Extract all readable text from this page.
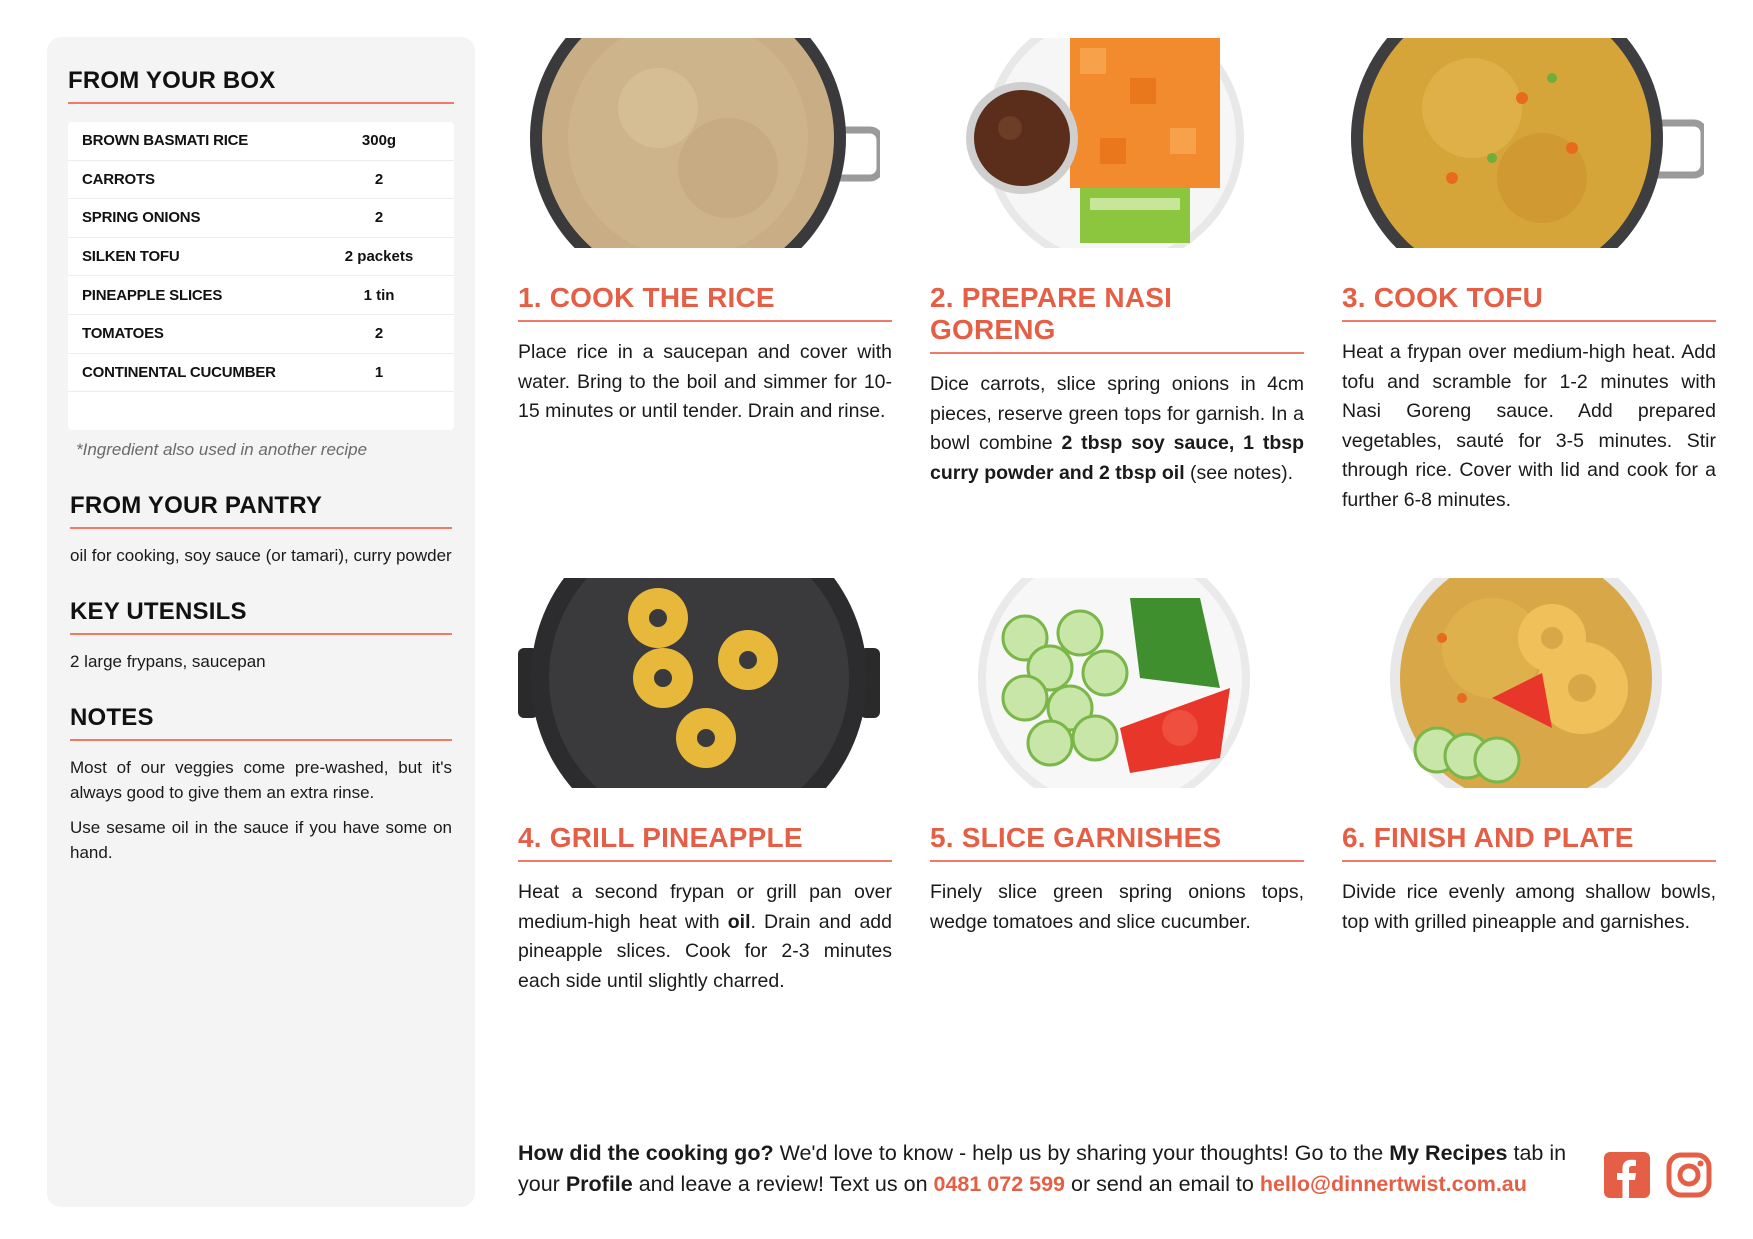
FROM YOUR BOX
BROWN BASMATI RICE	300g
CARROTS	2
SPRING ONIONS	2
SILKEN TOFU	2 packets
PINEAPPLE SLICES	1 tin
TOMATOES	2
CONTINENTAL CUCUMBER	1
*Ingredient also used in another recipe
FROM YOUR PANTRY

oil for cooking, soy sauce (or tamari), curry powder

KEY UTENSILS

2 large frypans, saucepan

NOTES

Most of our veggies come pre-washed, but it's always good to give them an extra rinse.

Use sesame oil in the sauce if you have some on hand.

1. COOK THE RICE

Place rice in a saucepan and cover with water. Bring to the boil and simmer for 10-15 minutes or until tender. Drain and rinse.

2. PREPARE NASI GORENG

Dice carrots, slice spring onions in 4cm pieces, reserve green tops for garnish. In a bowl combine 2 tbsp soy sauce, 1 tbsp curry powder and 2 tbsp oil (see notes).

3. COOK TOFU

Heat a frypan over medium-high heat. Add tofu and scramble for 1-2 minutes with Nasi Goreng sauce. Add prepared vegetables, sauté for 3-5 minutes. Stir through rice. Cover with lid and cook for a further 6-8 minutes.

4. GRILL PINEAPPLE

Heat a second frypan or grill pan over medium-high heat with oil. Drain and add pineapple slices. Cook for 2-3 minutes each side until slightly charred.

5. SLICE GARNISHES

Finely slice green spring onions tops, wedge tomatoes and slice cucumber.

6. FINISH AND PLATE

Divide rice evenly among shallow bowls, top with grilled pineapple and garnishes.

How did the cooking go? We'd love to know - help us by sharing your thoughts! Go to the My Recipes tab in your Profile and leave a review! Text us on 0481 072 599 or send an email to hello@dinnertwist.com.au
